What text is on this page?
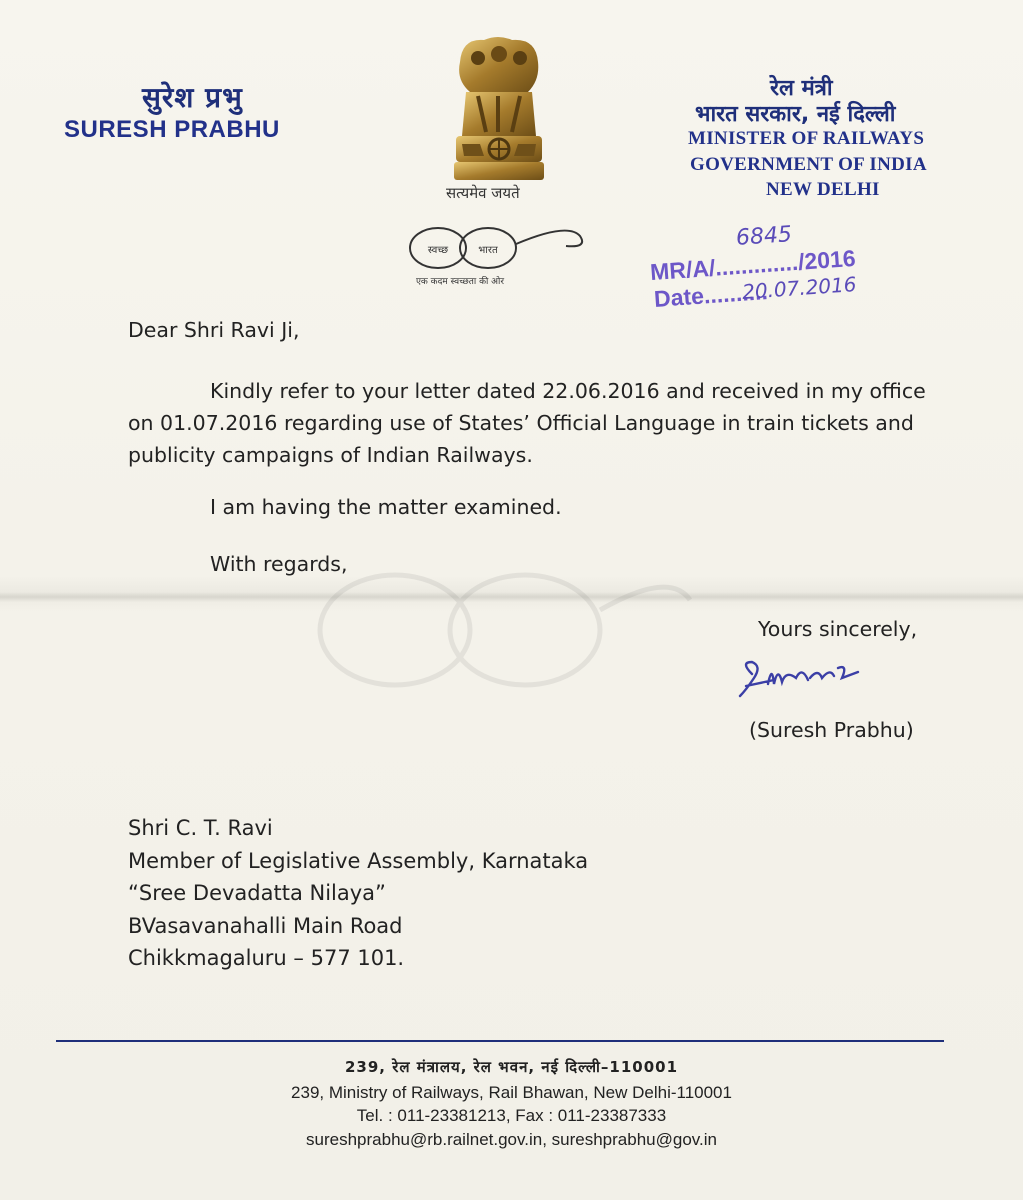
सुरेश प्रभु
SURESH PRABHU
सत्यमेव जयते
स्वच्छ	भारत
एक कदम स्वच्छता की ओर
रेल मंत्री
भारत सरकार, नई दिल्ली
MINISTER OF RAILWAYS
GOVERNMENT OF INDIA
NEW DELHI
6845
MR/A/............./2016
Date..........
20.07.2016
Dear Shri Ravi Ji,
Kindly refer to your letter dated 22.06.2016 and received in my office on 01.07.2016 regarding use of States’ Official Language in train tickets and publicity campaigns of Indian Railways.
I am having the matter examined.
With regards,
Yours sincerely,
(Suresh Prabhu)
Shri C. T. Ravi
Member of Legislative Assembly, Karnataka
“Sree Devadatta Nilaya”
BVasavanahalli Main Road
Chikkmagaluru – 577 101.
239, रेल मंत्रालय, रेल भवन, नई दिल्ली–110001
239, Ministry of Railways, Rail Bhawan, New Delhi-110001
Tel. : 011-23381213, Fax : 011-23387333
sureshprabhu@rb.railnet.gov.in, sureshprabhu@gov.in
